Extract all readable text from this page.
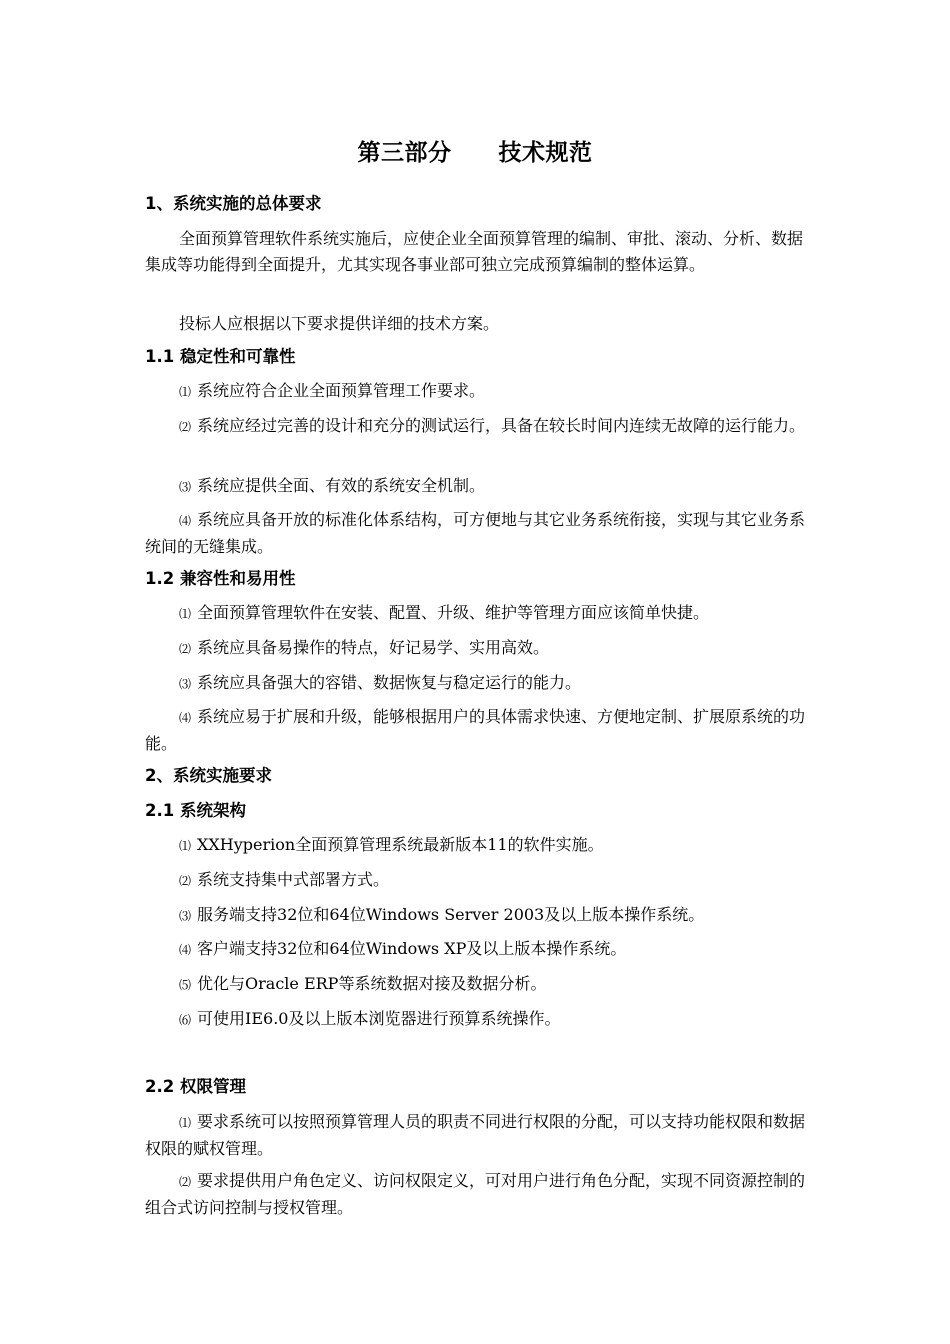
第三部分  技术规范
1、系统实施的总体要求
全面预算管理软件系统实施后，应使企业全面预算管理的编制、审批、滚动、分析、数据集成等功能得到全面提升，尤其实现各事业部可独立完成预算编制的整体运算。
投标人应根据以下要求提供详细的技术方案。
1.1 稳定性和可靠性
⑴ 系统应符合企业全面预算管理工作要求。
⑵ 系统应经过完善的设计和充分的测试运行，具备在较长时间内连续无故障的运行能力。
⑶ 系统应提供全面、有效的系统安全机制。
⑷ 系统应具备开放的标准化体系结构，可方便地与其它业务系统衔接，实现与其它业务系统间的无缝集成。
1.2 兼容性和易用性
⑴ 全面预算管理软件在安装、配置、升级、维护等管理方面应该简单快捷。
⑵ 系统应具备易操作的特点，好记易学、实用高效。
⑶ 系统应具备强大的容错、数据恢复与稳定运行的能力。
⑷ 系统应易于扩展和升级，能够根据用户的具体需求快速、方便地定制、扩展原系统的功能。
2、系统实施要求
2.1 系统架构
⑴ XXHyperion全面预算管理系统最新版本11的软件实施。
⑵ 系统支持集中式部署方式。
⑶ 服务端支持32位和64位Windows Server 2003及以上版本操作系统。
⑷ 客户端支持32位和64位Windows XP及以上版本操作系统。
⑸ 优化与Oracle ERP等系统数据对接及数据分析。
⑹ 可使用IE6.0及以上版本浏览器进行预算系统操作。
2.2 权限管理
⑴ 要求系统可以按照预算管理人员的职责不同进行权限的分配，可以支持功能权限和数据权限的赋权管理。
⑵ 要求提供用户角色定义、访问权限定义，可对用户进行角色分配，实现不同资源控制的组合式访问控制与授权管理。
